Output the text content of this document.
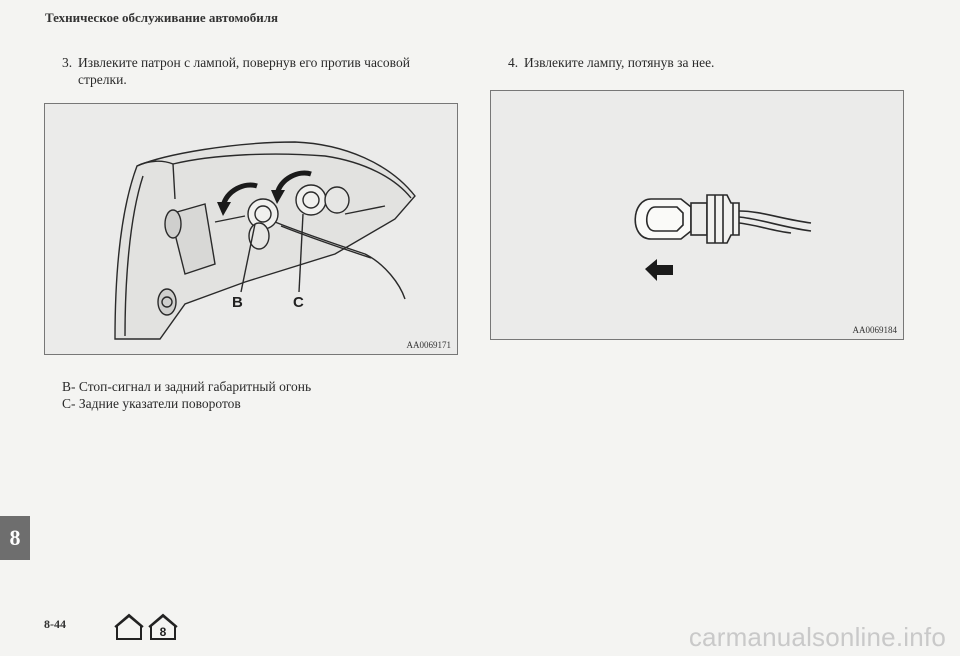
Техническое обслуживание автомобиля
3. Извлеките патрон с лампой, повернув его против часовой
стрелки.
4. Извлеките лампу, потянув за нее.
B	C
AA0069171
AA0069184
B- Стоп-сигнал и задний габаритный огонь
C- Задние указатели поворотов
8
8-44
8	carmanualsonline.info
